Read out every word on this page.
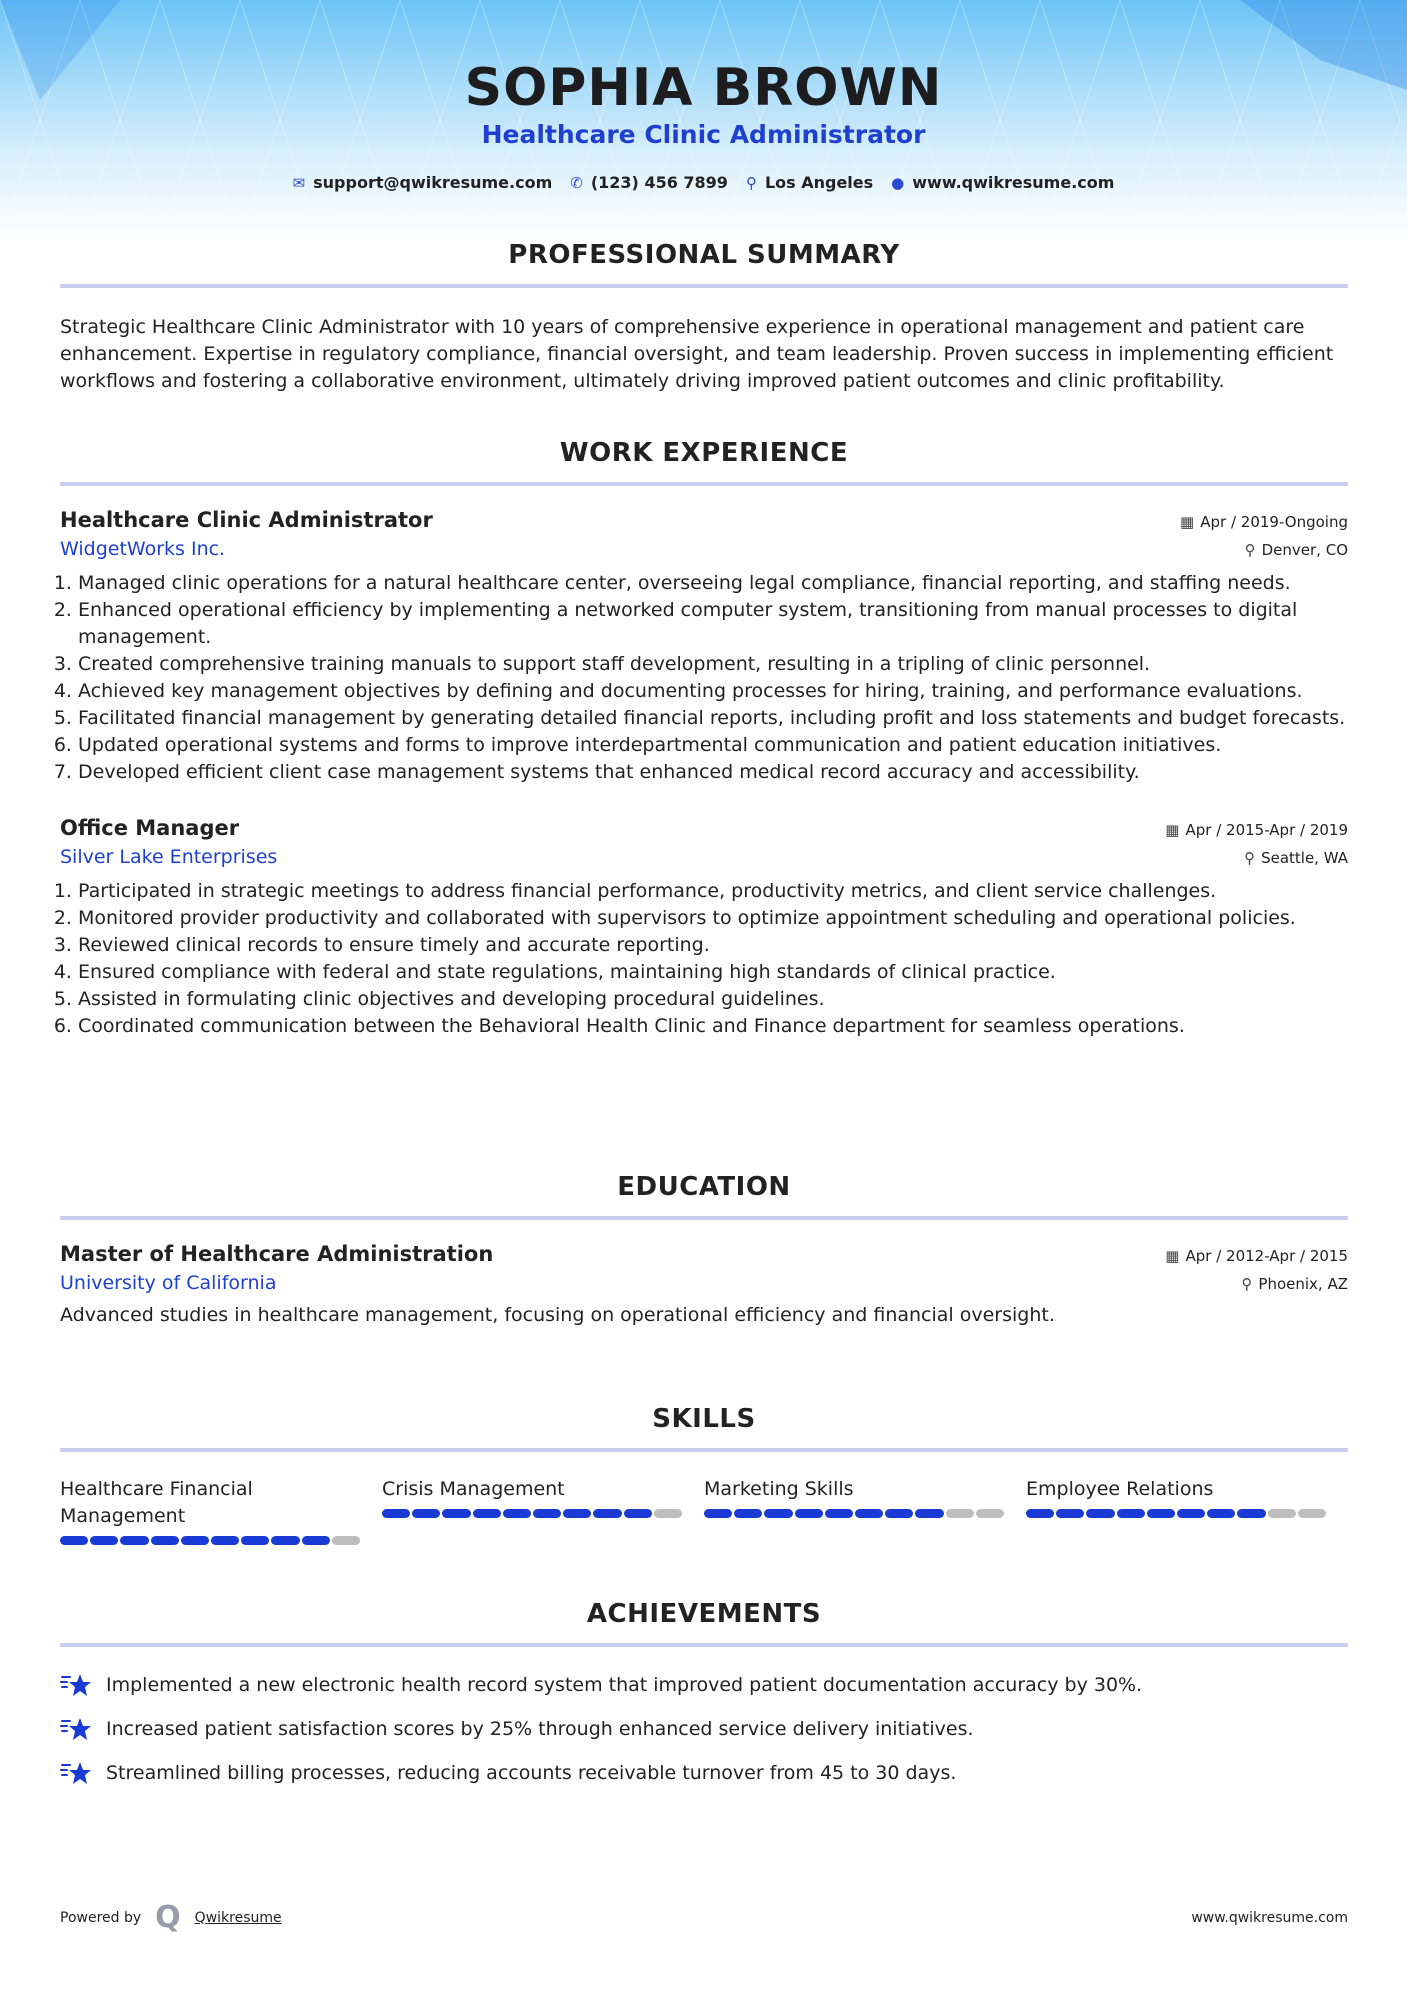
SOPHIA BROWN
Healthcare Clinic Administrator
✉ support@qwikresume.com ✆ (123) 456 7899 ⚲ Los Angeles ● www.qwikresume.com
PROFESSIONAL SUMMARY

Strategic Healthcare Clinic Administrator with 10 years of comprehensive experience in operational management and patient care enhancement. Expertise in regulatory compliance, financial oversight, and team leadership. Proven success in implementing efficient workflows and fostering a collaborative environment, ultimately driving improved patient outcomes and clinic profitability.

WORK EXPERIENCE
Healthcare Clinic Administrator	▦ Apr / 2019-Ongoing
WidgetWorks Inc.	⚲ Denver, CO
1. Managed clinic operations for a natural healthcare center, overseeing legal compliance, financial reporting, and staffing needs.
2. Enhanced operational efficiency by implementing a networked computer system, transitioning from manual processes to digital management.
3. Created comprehensive training manuals to support staff development, resulting in a tripling of clinic personnel.
4. Achieved key management objectives by defining and documenting processes for hiring, training, and performance evaluations.
5. Facilitated financial management by generating detailed financial reports, including profit and loss statements and budget forecasts.
6. Updated operational systems and forms to improve interdepartmental communication and patient education initiatives.
7. Developed efficient client case management systems that enhanced medical record accuracy and accessibility.
Office Manager	▦ Apr / 2015-Apr / 2019
Silver Lake Enterprises	⚲ Seattle, WA
1. Participated in strategic meetings to address financial performance, productivity metrics, and client service challenges.
2. Monitored provider productivity and collaborated with supervisors to optimize appointment scheduling and operational policies.
3. Reviewed clinical records to ensure timely and accurate reporting.
4. Ensured compliance with federal and state regulations, maintaining high standards of clinical practice.
5. Assisted in formulating clinic objectives and developing procedural guidelines.
6. Coordinated communication between the Behavioral Health Clinic and Finance department for seamless operations.
EDUCATION
Master of Healthcare Administration	▦ Apr / 2012-Apr / 2015
University of California	⚲ Phoenix, AZ

Advanced studies in healthcare management, focusing on operational efficiency and financial oversight.

SKILLS
Healthcare Financial Management
Crisis Management	Marketing Skills	Employee Relations
ACHIEVEMENTS
Implemented a new electronic health record system that improved patient documentation accuracy by 30%.
Increased patient satisfaction scores by 25% through enhanced service delivery initiatives.
Streamlined billing processes, reducing accounts receivable turnover from 45 to 30 days.
Powered by Q Qwikresume	www.qwikresume.com
